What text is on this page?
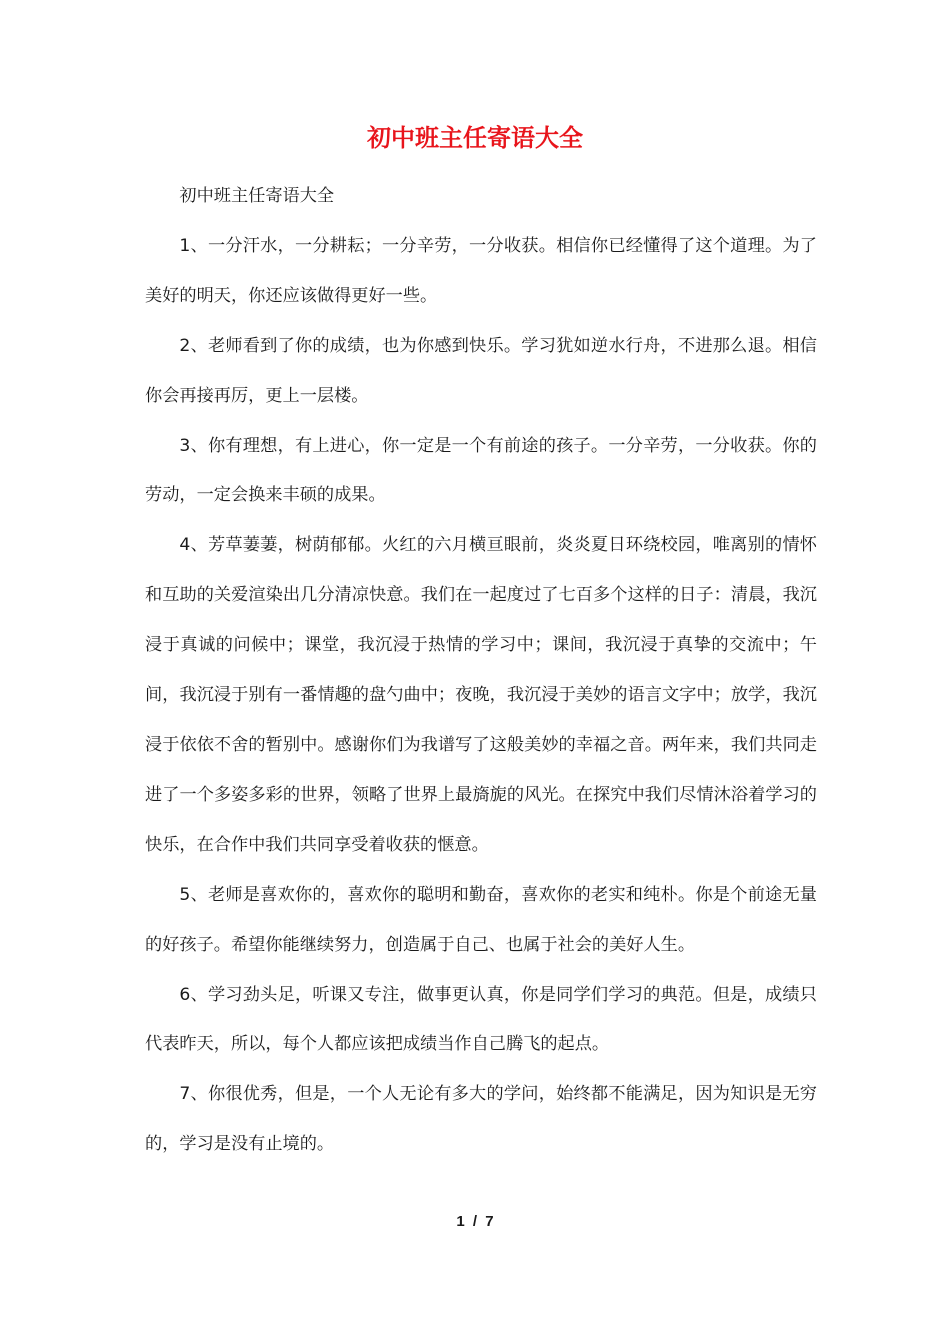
初中班主任寄语大全

初中班主任寄语大全

1、一分汗水，一分耕耘；一分辛劳，一分收获。相信你已经懂得了这个道理。为了美好的明天，你还应该做得更好一些。

2、老师看到了你的成绩，也为你感到快乐。学习犹如逆水行舟，不进那么退。相信你会再接再厉，更上一层楼。

3、你有理想，有上进心，你一定是一个有前途的孩子。一分辛劳，一分收获。你的劳动，一定会换来丰硕的成果。

4、芳草萋萋，树荫郁郁。火红的六月横亘眼前，炎炎夏日环绕校园，唯离别的情怀和互助的关爱渲染出几分清凉快意。我们在一起度过了七百多个这样的日子：清晨，我沉浸于真诚的问候中；课堂，我沉浸于热情的学习中；课间，我沉浸于真挚的交流中；午间，我沉浸于别有一番情趣的盘勺曲中；夜晚，我沉浸于美妙的语言文字中；放学，我沉浸于依依不舍的暂别中。感谢你们为我谱写了这般美妙的幸福之音。两年来，我们共同走进了一个多姿多彩的世界，领略了世界上最旖旎的风光。在探究中我们尽情沐浴着学习的快乐，在合作中我们共同享受着收获的惬意。

5、老师是喜欢你的，喜欢你的聪明和勤奋，喜欢你的老实和纯朴。你是个前途无量的好孩子。希望你能继续努力，创造属于自己、也属于社会的美好人生。

6、学习劲头足，听课又专注，做事更认真，你是同学们学习的典范。但是，成绩只代表昨天，所以，每个人都应该把成绩当作自己腾飞的起点。

7、你很优秀，但是，一个人无论有多大的学问，始终都不能满足，因为知识是无穷的，学习是没有止境的。

1 / 7
